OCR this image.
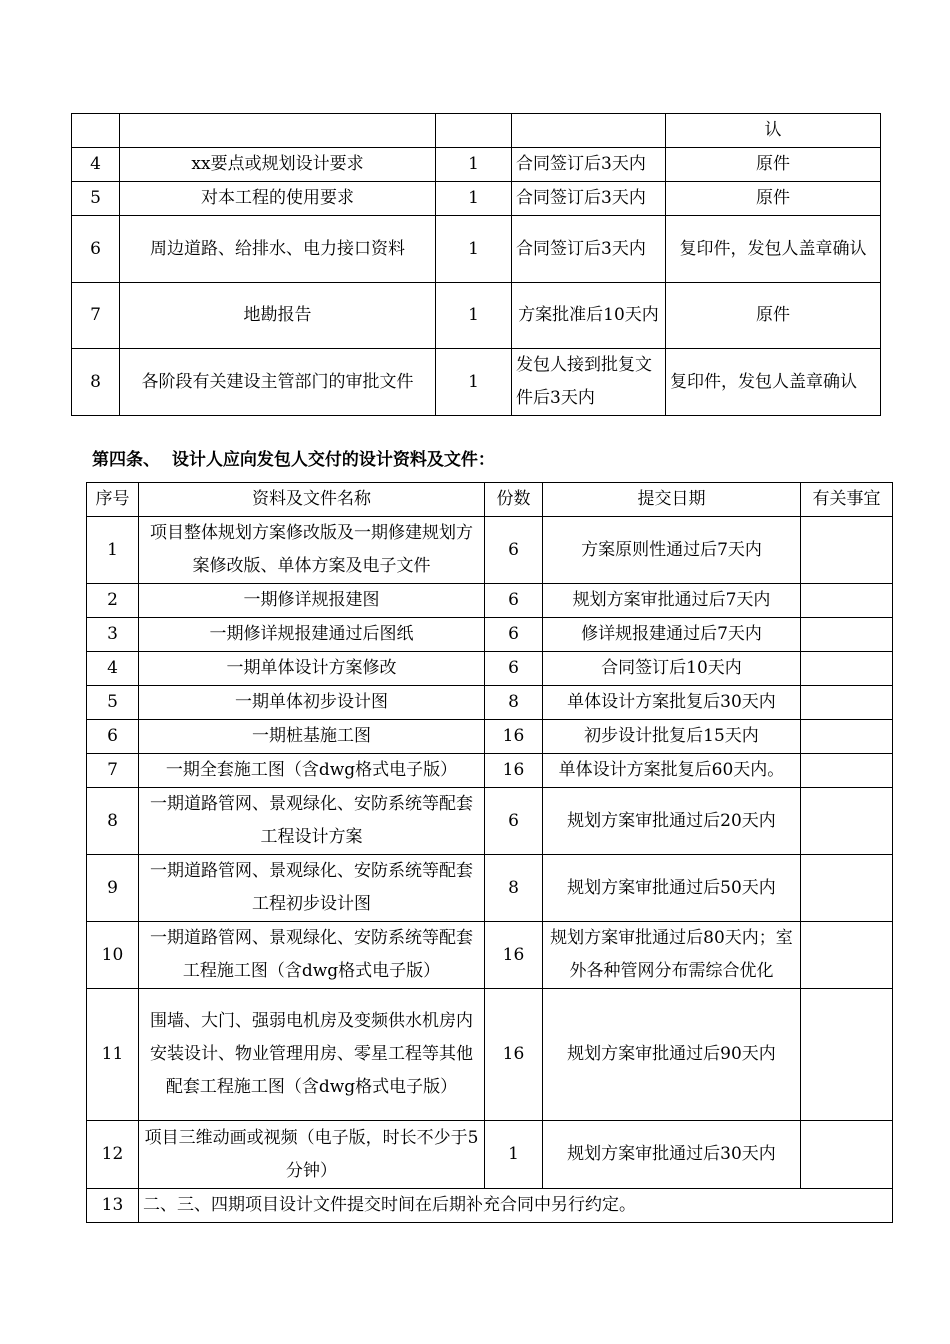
				认
4	xx要点或规划设计要求	1	合同签订后3天内	原件
5	对本工程的使用要求	1	合同签订后3天内	原件
6	周边道路、给排水、电力接口资料	1	合同签订后3天内	复印件，发包人盖章确认
7	地勘报告	1	方案批准后10天内	原件
8	各阶段有关建设主管部门的审批文件	1	发包人接到批复文件后3天内	复印件，发包人盖章确认
第四条、 设计人应向发包人交付的设计资料及文件：
序号	资料及文件名称	份数	提交日期	有关事宜
1	项目整体规划方案修改版及一期修建规划方案修改版、单体方案及电子文件	6	方案原则性通过后7天内	
2	一期修详规报建图	6	规划方案审批通过后7天内	
3	一期修详规报建通过后图纸	6	修详规报建通过后7天内	
4	一期单体设计方案修改	6	合同签订后10天内	
5	一期单体初步设计图	8	单体设计方案批复后30天内	
6	一期桩基施工图	16	初步设计批复后15天内	
7	一期全套施工图（含dwg格式电子版）	16	单体设计方案批复后60天内。	
8	一期道路管网、景观绿化、安防系统等配套工程设计方案	6	规划方案审批通过后20天内	
9	一期道路管网、景观绿化、安防系统等配套工程初步设计图	8	规划方案审批通过后50天内	
10	一期道路管网、景观绿化、安防系统等配套工程施工图（含dwg格式电子版）	16	规划方案审批通过后80天内；室外各种管网分布需综合优化	
11	围墙、大门、强弱电机房及变频供水机房内安装设计、物业管理用房、零星工程等其他配套工程施工图（含dwg格式电子版）	16	规划方案审批通过后90天内	
12	项目三维动画或视频（电子版，时长不少于5分钟）	1	规划方案审批通过后30天内	
13	二、三、四期项目设计文件提交时间在后期补充合同中另行约定。			
